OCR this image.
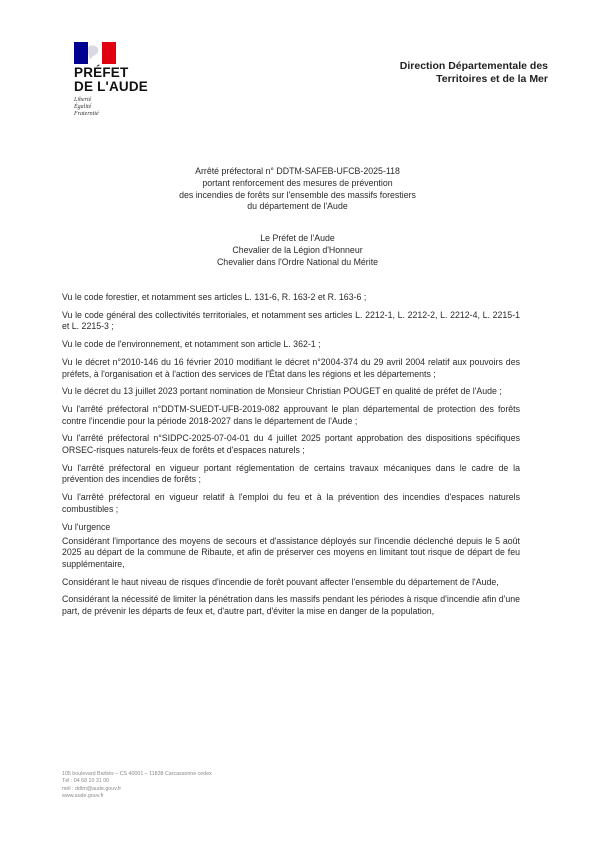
PRÉFET
DE L'AUDE
Liberté
Égalité
Fraternité
Direction Départementale des
Territoires et de la Mer
Arrêté préfectoral n° DDTM-SAFEB-UFCB-2025-118
portant renforcement des mesures de prévention
des incendies de forêts sur l'ensemble des massifs forestiers
du département de l'Aude
Le Préfet de l'Aude
Chevalier de la Légion d'Honneur
Chevalier dans l'Ordre National du Mérite

Vu le code forestier, et notamment ses articles L. 131-6, R. 163-2 et R. 163-6 ;

Vu le code général des collectivités territoriales, et notamment ses articles L. 2212-1, L. 2212-2, L. 2212-4, L. 2215-1 et L. 2215-3 ;

Vu le code de l'environnement, et notamment son article L. 362-1 ;

Vu le décret n°2010-146 du 16 février 2010 modifiant le décret n°2004-374 du 29 avril 2004 relatif aux pouvoirs des préfets, à l'organisation et à l'action des services de l'État dans les régions et les départements ;

Vu le décret du 13 juillet 2023 portant nomination de Monsieur Christian POUGET en qualité de préfet de l'Aude ;

Vu l'arrêté préfectoral n°DDTM-SUEDT-UFB-2019-082 approuvant le plan départemental de protection des forêts contre l'incendie pour la période 2018-2027 dans le département de l'Aude ;

Vu l'arrêté préfectoral n°SIDPC-2025-07-04-01 du 4 juillet 2025 portant approbation des dispositions spécifiques ORSEC-risques naturels-feux de forêts et d'espaces naturels ;

Vu l'arrêté préfectoral en vigueur portant réglementation de certains travaux mécaniques dans le cadre de la prévention des incendies de forêts ;

Vu l'arrêté préfectoral en vigueur relatif à l'emploi du feu et à la prévention des incendies d'espaces naturels combustibles ;

Vu l'urgence

Considérant l'importance des moyens de secours et d'assistance déployés sur l'incendie déclenché depuis le 5 août 2025 au départ de la commune de Ribaute, et afin de préserver ces moyens en limitant tout risque de départ de feu supplémentaire,

Considérant le haut niveau de risques d'incendie de forêt pouvant affecter l'ensemble du département de l'Aude,

Considérant la nécessité de limiter la pénétration dans les massifs pendant les périodes à risque d'incendie afin d'une part, de prévenir les départs de feux et, d'autre part, d'éviter la mise en danger de la population,

105 boulevard Barbès – CS 40001 – 11838 Carcassonne cedex
Tél : 04 68 10 31 00
mél : ddtm@aude.gouv.fr
www.aude.gouv.fr
